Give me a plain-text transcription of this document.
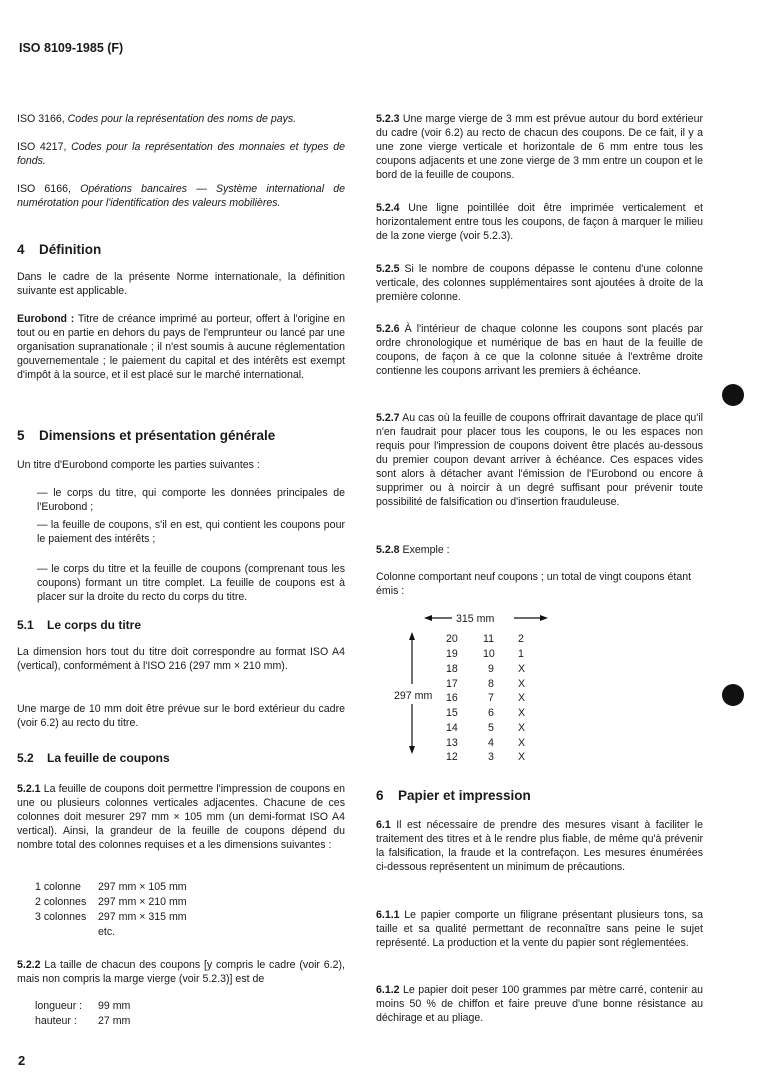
ISO 8109-1985 (F)

ISO 3166, Codes pour la représentation des noms de pays.

ISO 4217, Codes pour la représentation des monnaies et types de fonds.

ISO 6166, Opérations bancaires — Système international de numérotation pour l'identification des valeurs mobilières.

4 Définition

Dans le cadre de la présente Norme internationale, la définition suivante est applicable.

Eurobond : Titre de créance imprimé au porteur, offert à l'origine en tout ou en partie en dehors du pays de l'emprunteur ou lancé par une organisation supranationale ; il n'est soumis à aucune réglementation gouvernementale ; le paiement du capital et des intérêts est exempt d'impôt à la source, et il est placé sur le marché international.

5 Dimensions et présentation générale

Un titre d'Eurobond comporte les parties suivantes :

— le corps du titre, qui comporte les données principales de l'Eurobond ;

— la feuille de coupons, s'il en est, qui contient les coupons pour le paiement des intérêts ;

— le corps du titre et la feuille de coupons (comprenant tous les coupons) formant un titre complet. La feuille de coupons est à placer sur la droite du recto du corps du titre.

5.1 Le corps du titre

La dimension hors tout du titre doit correspondre au format ISO A4 (vertical), conformément à l'ISO 216 (297 mm × 210 mm).

Une marge de 10 mm doit être prévue sur le bord extérieur du cadre (voir 6.2) au recto du titre.

5.2 La feuille de coupons

5.2.1 La feuille de coupons doit permettre l'impression de coupons en une ou plusieurs colonnes verticales adjacentes. Chacune de ces colonnes doit mesurer 297 mm × 105 mm (un demi-format ISO A4 vertical). Ainsi, la grandeur de la feuille de coupons dépend du nombre total des colonnes requises et a les dimensions suivantes :

1 colonne 297 mm × 105 mm
2 colonnes 297 mm × 210 mm
3 colonnes 297 mm × 315 mm
etc.

5.2.2 La taille de chacun des coupons [y compris le cadre (voir 6.2), mais non compris la marge vierge (voir 5.2.3)] est de

longueur : 99 mm
hauteur : 27 mm
2

5.2.3 Une marge vierge de 3 mm est prévue autour du bord extérieur du cadre (voir 6.2) au recto de chacun des coupons. De ce fait, il y a une zone vierge verticale et horizontale de 6 mm entre tous les coupons adjacents et une zone vierge de 3 mm entre un coupon et le bord de la feuille de coupons.

5.2.4 Une ligne pointillée doit être imprimée verticalement et horizontalement entre tous les coupons, de façon à marquer le milieu de la zone vierge (voir 5.2.3).

5.2.5 Si le nombre de coupons dépasse le contenu d'une colonne verticale, des colonnes supplémentaires sont ajoutées à droite de la première colonne.

5.2.6 À l'intérieur de chaque colonne les coupons sont placés par ordre chronologique et numérique de bas en haut de la feuille de coupons, de façon à ce que la colonne située à l'extrême droite contienne les coupons arrivant les premiers à échéance.

5.2.7 Au cas où la feuille de coupons offrirait davantage de place qu'il n'en faudrait pour placer tous les coupons, le ou les espaces non requis pour l'impression de coupons doivent être placés au-dessous du premier coupon devant arriver à échéance. Ces espaces vides sont alors à détacher avant l'émission de l'Eurobond ou encore à supprimer ou à noircir à un degré suffisant pour prévenir toute possibilité de falsification ou d'insertion frauduleuse.

5.2.8 Exemple :

Colonne comportant neuf coupons ; un total de vingt coupons étant émis :

315 mm
297 mm
20
19
18
17
16
15
14
13
12
11
10
9
8
7
6
5
4
3
2
1
X
X
X
X
X
X
X
6 Papier et impression

6.1 Il est nécessaire de prendre des mesures visant à faciliter le traitement des titres et à le rendre plus fiable, de même qu'à prévenir la falsification, la fraude et la contrefaçon. Les mesures énumérées ci-dessous représentent un minimum de précautions.

6.1.1 Le papier comporte un filigrane présentant plusieurs tons, sa taille et sa qualité permettant de reconnaître sans peine le sujet représenté. La production et la vente du papier sont réglementées.

6.1.2 Le papier doit peser 100 grammes par mètre carré, contenir au moins 50 % de chiffon et faire preuve d'une bonne résistance au déchirage et au pliage.
